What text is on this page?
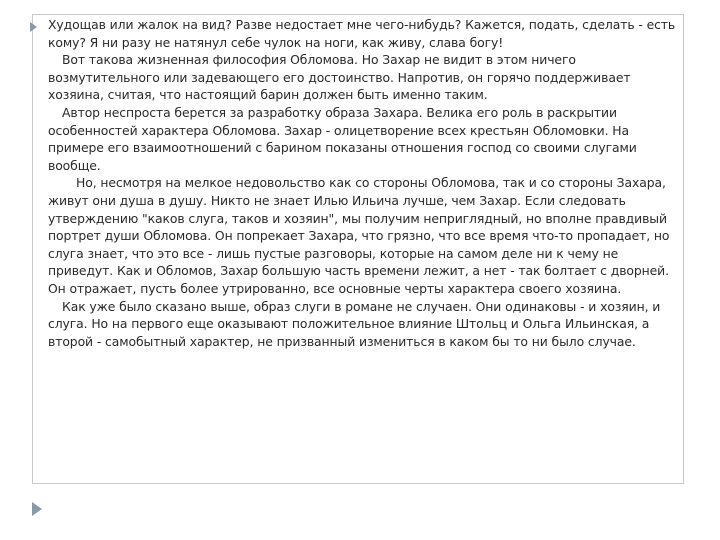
Худощав или жалок на вид? Разве недостает мне чего-нибудь? Кажется, подать, сделать - есть кому? Я ни разу не натянул себе чулок на ноги, как живу, слава богу!

Вот такова жизненная философия Обломова. Но Захар не видит в этом ничего возмутительного или задевающего его достоинство. Напротив, он горячо поддерживает хозяина, считая, что настоящий барин должен быть именно таким.

Автор неспроста берется за разработку образа Захара. Велика его роль в раскрытии особенностей характера Обломова. Захар - олицетворение всех крестьян Обломовки. На примере его взаимоотношений с барином показаны отношения господ со своими слугами вообще.

Но, несмотря на мелкое недовольство как со стороны Обломова, так и со стороны Захара, живут они душа в душу. Никто не знает Илью Ильича лучше, чем Захар. Если следовать утверждению "каков слуга, таков и хозяин", мы получим неприглядный, но вполне правдивый портрет души Обломова. Он попрекает Захара, что грязно, что все время что-то пропадает, но слуга знает, что это все - лишь пустые разговоры, которые на самом деле ни к чему не приведут. Как и Обломов, Захар большую часть времени лежит, а нет - так болтает с дворней. Он отражает, пусть более утрированно, все основные черты характера своего хозяина.

Как уже было сказано выше, образ слуги в романе не случаен. Они одинаковы - и хозяин, и слуга. Но на первого еще оказывают положительное влияние Штольц и Ольга Ильинская, а второй - самобытный характер, не призванный измениться в каком бы то ни было случае.
